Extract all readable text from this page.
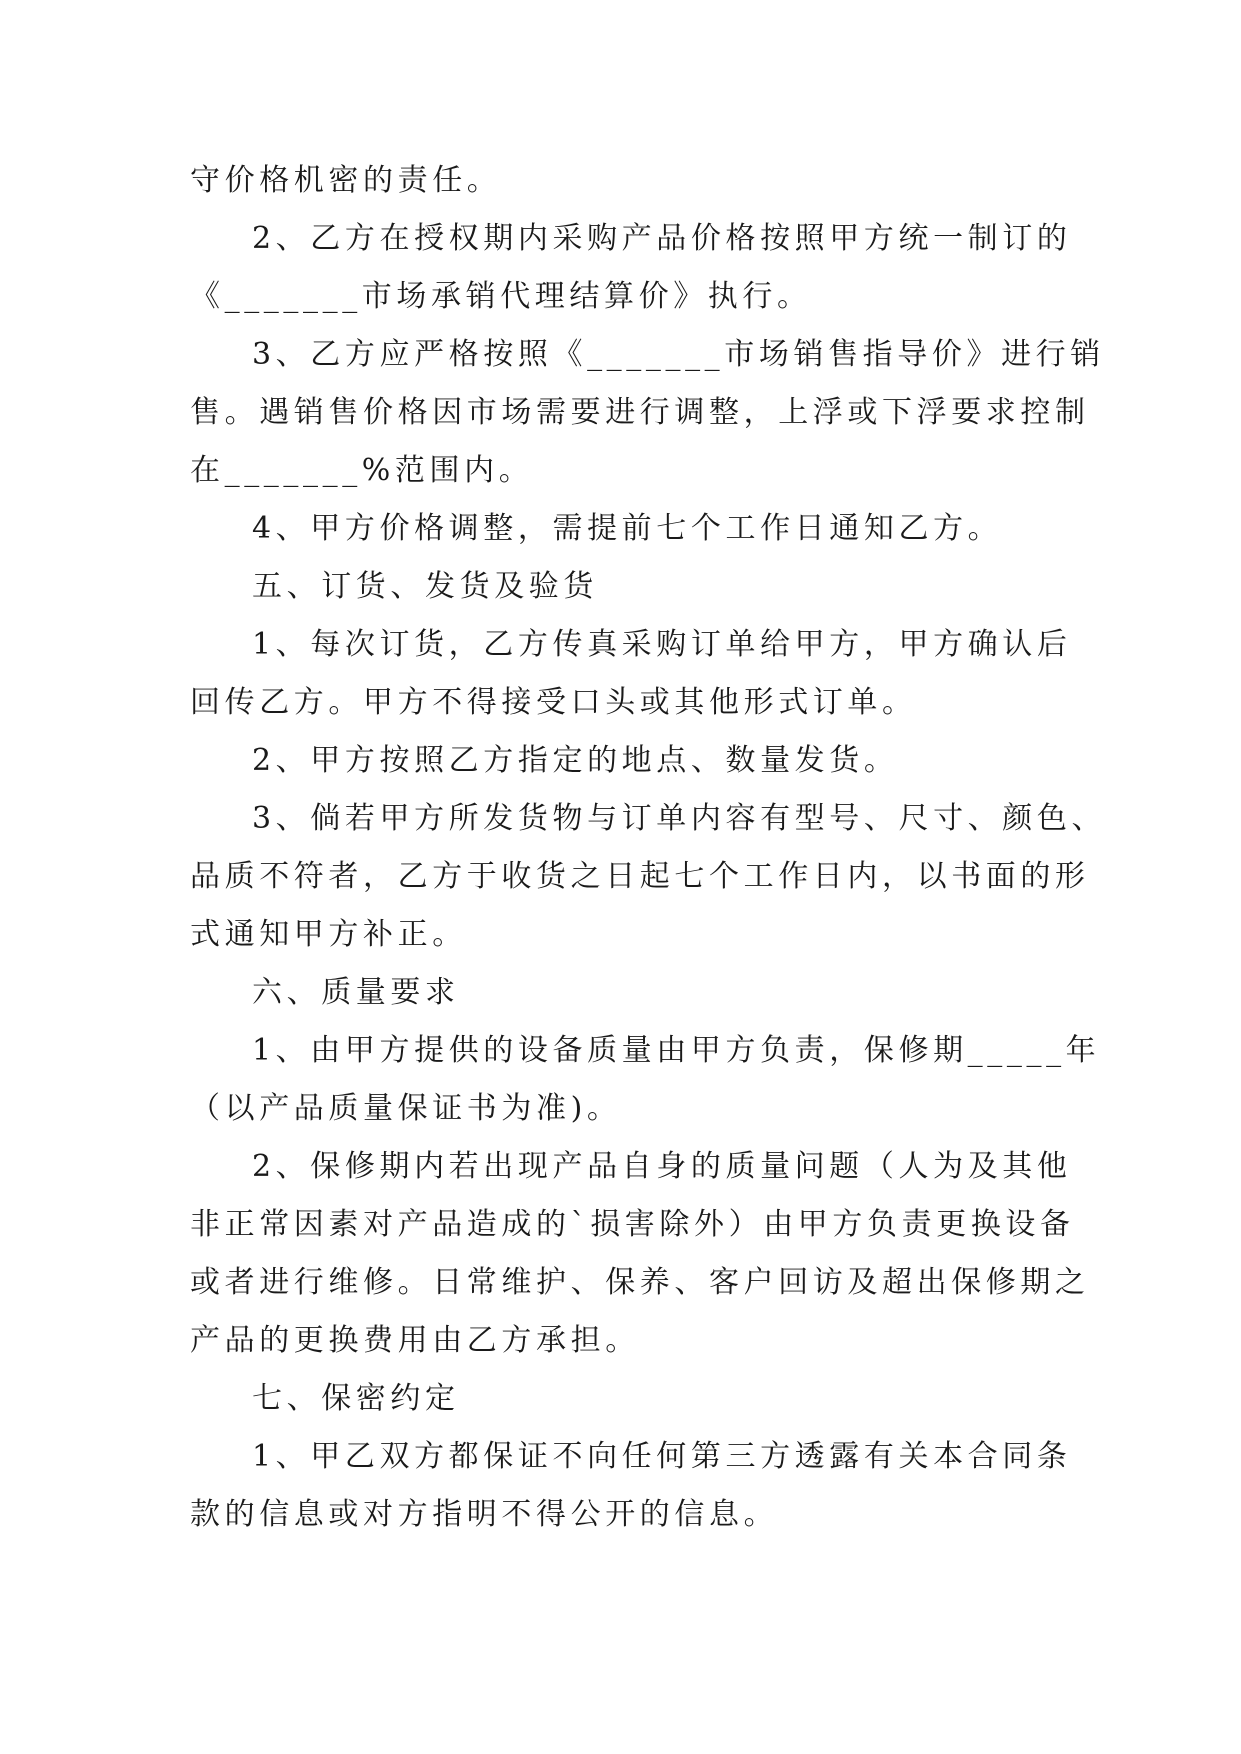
守价格机密的责任。
2、乙方在授权期内采购产品价格按照甲方统一制订的
《_______市场承销代理结算价》执行。
3、乙方应严格按照《_______市场销售指导价》进行销
售。遇销售价格因市场需要进行调整，上浮或下浮要求控制
在_______%范围内。
4、甲方价格调整，需提前七个工作日通知乙方。
五、订货、发货及验货
1、每次订货，乙方传真采购订单给甲方，甲方确认后
回传乙方。甲方不得接受口头或其他形式订单。
2、甲方按照乙方指定的地点、数量发货。
3、倘若甲方所发货物与订单内容有型号、尺寸、颜色、
品质不符者，乙方于收货之日起七个工作日内，以书面的形
式通知甲方补正。
六、质量要求
1、由甲方提供的设备质量由甲方负责，保修期_____年
（以产品质量保证书为准)。
2、保修期内若出现产品自身的质量问题（人为及其他
非正常因素对产品造成的`损害除外）由甲方负责更换设备
或者进行维修。日常维护、保养、客户回访及超出保修期之
产品的更换费用由乙方承担。
七、保密约定
1、甲乙双方都保证不向任何第三方透露有关本合同条
款的信息或对方指明不得公开的信息。
